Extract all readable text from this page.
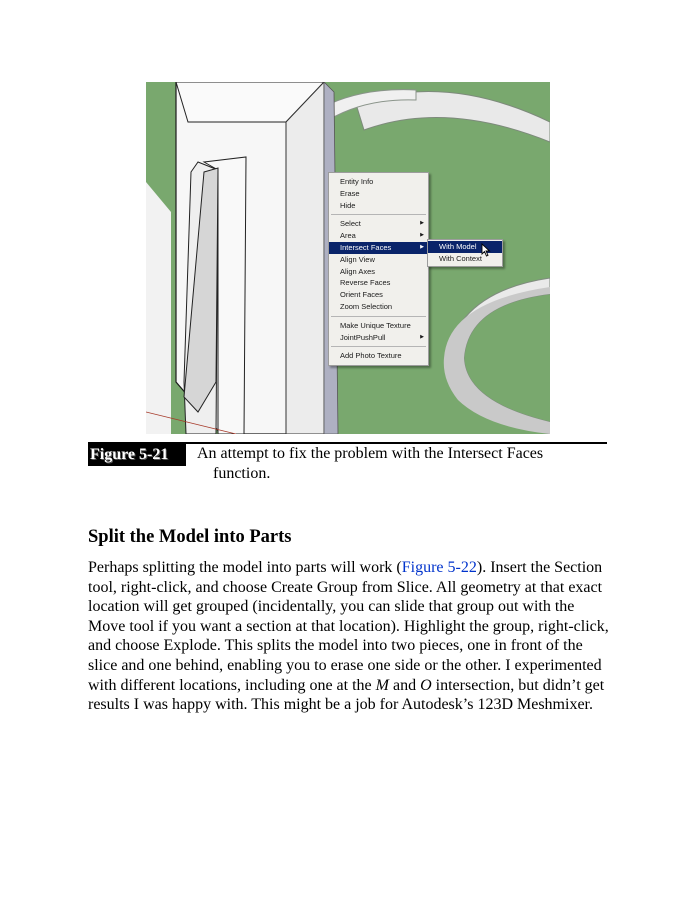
Entity Info
Erase
Hide
Select	▶
Area	▶
Intersect Faces	▶
Align View
Align Axes
Reverse Faces
Orient Faces
Zoom Selection
Make Unique Texture
JointPushPull	▶
Add Photo Texture
With Model
With Context
Figure 5-21	An attempt to fix the problem with the Intersect Faces
function.
Split the Model into Parts

Perhaps splitting the model into parts will work (Figure 5-22). Insert the Section tool, right-click, and choose Create Group from Slice. All geometry at that exact location will get grouped (incidentally, you can slide that group out with the Move tool if you want a section at that location). Highlight the group, right-click, and choose Explode. This splits the model into two pieces, one in front of the slice and one behind, enabling you to erase one side or the other. I experimented with different locations, including one at the M and O intersection, but didn’t get results I was happy with. This might be a job for Autodesk’s 123D Meshmixer.
